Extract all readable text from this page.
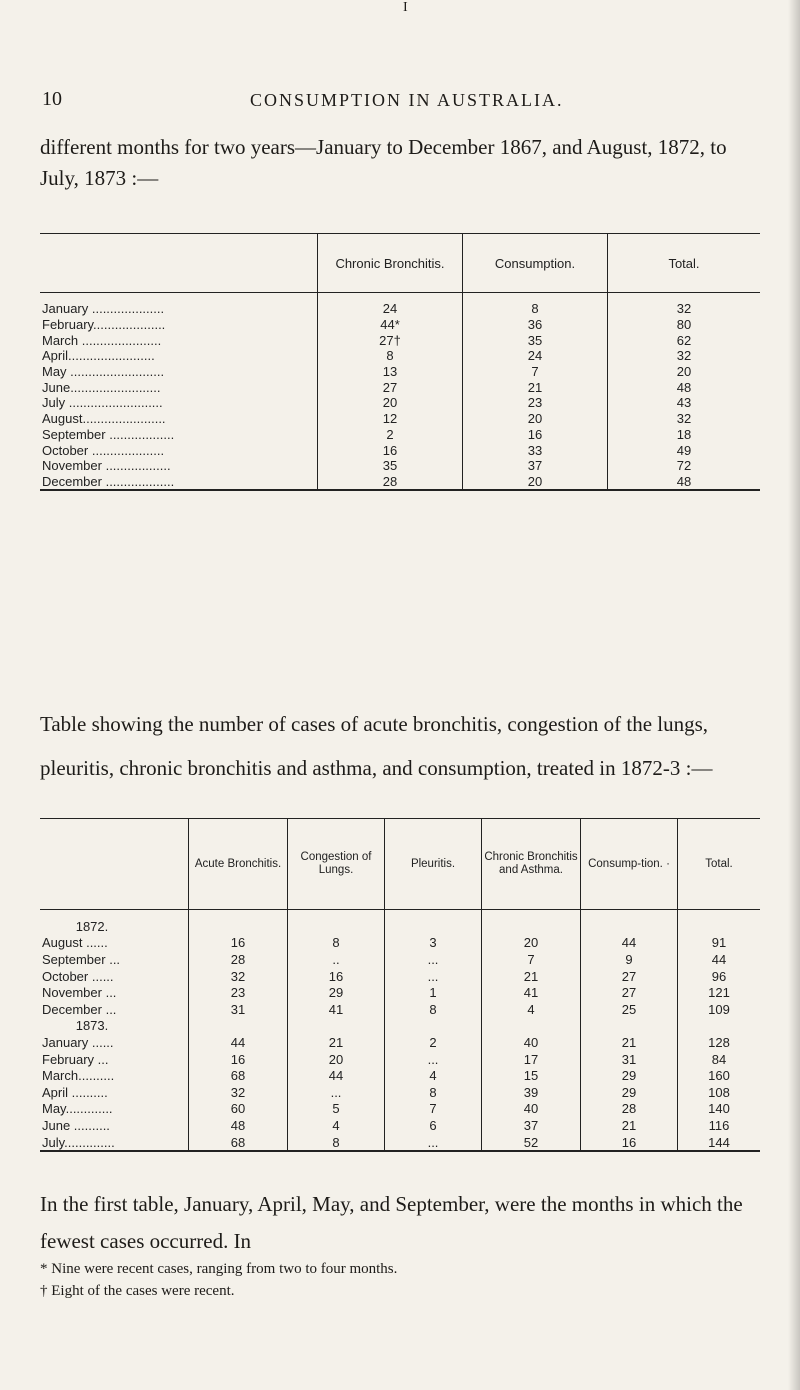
I
10	CONSUMPTION IN AUSTRALIA.
different months for two years—January to December 1867, and August, 1872, to July, 1873 :—
	Chronic Bronchitis.	Consumption.	Total.
January ....................	24	8	32
February....................	44*	36	80
March ......................	27†	35	62
April........................	8	24	32
May ..........................	13	7	20
June.........................	27	21	48
July ..........................	20	23	43
August.......................	12	20	32
September ..................	2	16	18
October ....................	16	33	49
November ..................	35	37	72
December ...................	28	20	48
Table showing the number of cases of acute bronchitis, congestion of the lungs, pleuritis, chronic bronchitis and asthma, and consumption, treated in 1872-3 :—
	Acute Bronchitis.	Congestion of Lungs.	Pleuritis.	Chronic Bronchitis and Asthma.	Consump-tion. ·	Total.
1872.						
August ......	16	8	3	20	44	91
September ...	28	..	...	7	9	44
October ......	32	16	...	21	27	96
November ...	23	29	1	41	27	121
December ...	31	41	8	4	25	109
1873.						
January ......	44	21	2	40	21	128
February ...	16	20	...	17	31	84
March..........	68	44	4	15	29	160
April ..........	32	...	8	39	29	108
May.............	60	5	7	40	28	140
June ..........	48	4	6	37	21	116
July..............	68	8	...	52	16	144
In the first table, January, April, May, and September, were the months in which the fewest cases occurred. In
* Nine were recent cases, ranging from two to four months.
† Eight of the cases were recent.
